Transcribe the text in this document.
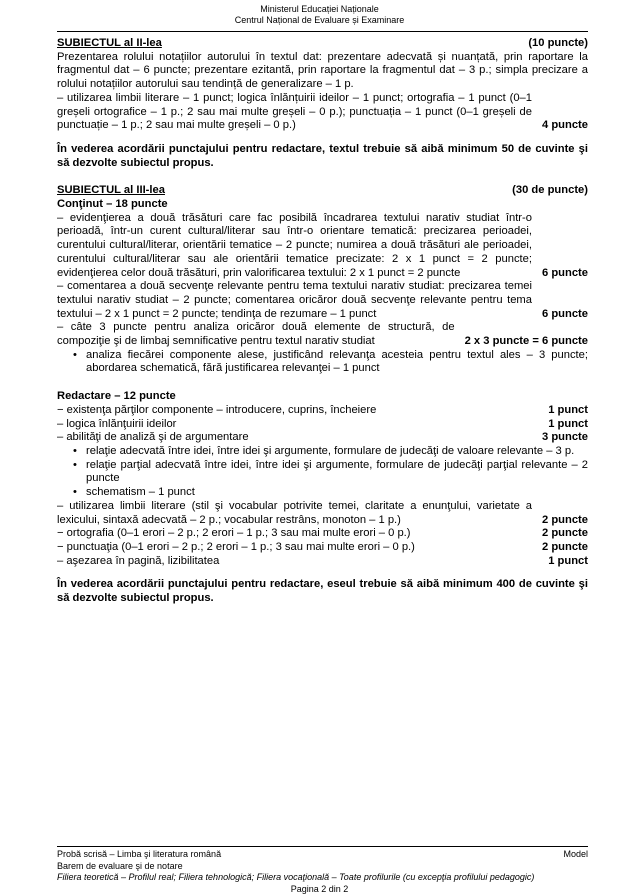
Ministerul Educației Naționale
Centrul Național de Evaluare și Examinare
SUBIECTUL al II-lea	(10 puncte)
Prezentarea rolului notațiilor autorului în textul dat: prezentare adecvată și nuanțată, prin raportare la fragmentul dat – 6 puncte; prezentare ezitantă, prin raportare la fragmentul dat – 3 p.; simpla precizare a rolului notațiilor autorului sau tendință de generalizare – 1 p.
– utilizarea limbii literare – 1 punct; logica înlănțuirii ideilor – 1 punct; ortografia – 1 punct (0–1 greșeli ortografice – 1 p.; 2 sau mai multe greșeli – 0 p.); punctuația – 1 punct (0–1 greșeli de punctuație – 1 p.; 2 sau mai multe greșeli – 0 p.)	4 puncte
În vederea acordării punctajului pentru redactare, textul trebuie să aibă minimum 50 de cuvinte şi să dezvolte subiectul propus.
SUBIECTUL al III-lea	(30 de puncte)
Conţinut – 18 puncte
– evidenţierea a două trăsături care fac posibilă încadrarea textului narativ studiat într-o perioadă, într-un curent cultural/literar sau într-o orientare tematică: precizarea perioadei, curentului cultural/literar, orientării tematice – 2 puncte; numirea a două trăsături ale perioadei, curentului cultural/literar sau ale orientării tematice precizate: 2 x 1 punct = 2 puncte; evidenţierea celor două trăsături, prin valorificarea textului: 2 x 1 punct = 2 puncte	6 puncte
– comentarea a două secvenţe relevante pentru tema textului narativ studiat: precizarea temei textului narativ studiat – 2 puncte; comentarea oricăror două secvenţe relevante pentru tema textului – 2 x 1 punct = 2 puncte; tendinţa de rezumare – 1 punct	6 puncte
– câte 3 puncte pentru analiza oricăror două elemente de structură, de compoziţie şi de limbaj semnificative pentru textul narativ studiat	2 x 3 puncte = 6 puncte
• analiza fiecărei componente alese, justificând relevanţa acesteia pentru textul ales – 3 puncte; abordarea schematică, fără justificarea relevanţei – 1 punct
Redactare – 12 puncte
− existenţa părţilor componente – introducere, cuprins, încheiere	1 punct
– logica înlănţuirii ideilor	1 punct
– abilităţi de analiză şi de argumentare	3 puncte
• relaţie adecvată între idei, între idei şi argumente, formulare de judecăţi de valoare relevante – 3 p.
• relaţie parţial adecvată între idei, între idei şi argumente, formulare de judecăţi parţial relevante – 2 puncte
• schematism – 1 punct
– utilizarea limbii literare (stil şi vocabular potrivite temei, claritate a enunţului, varietate a lexicului, sintaxă adecvată – 2 p.; vocabular restrâns, monoton – 1 p.)	2 puncte
− ortografia (0–1 erori – 2 p.; 2 erori – 1 p.; 3 sau mai multe erori – 0 p.)	2 puncte
− punctuaţia (0–1 erori – 2 p.; 2 erori – 1 p.; 3 sau mai multe erori – 0 p.)	2 puncte
– aşezarea în pagină, lizibilitatea	1 punct
În vederea acordării punctajului pentru redactare, eseul trebuie să aibă minimum 400 de cuvinte şi să dezvolte subiectul propus.
Probă scrisă – Limba şi literatura română	Model
Barem de evaluare şi de notare
Filiera teoretică – Profilul real; Filiera tehnologică; Filiera vocaţională – Toate profilurile (cu excepţia profilului pedagogic)
Pagina 2 din 2
